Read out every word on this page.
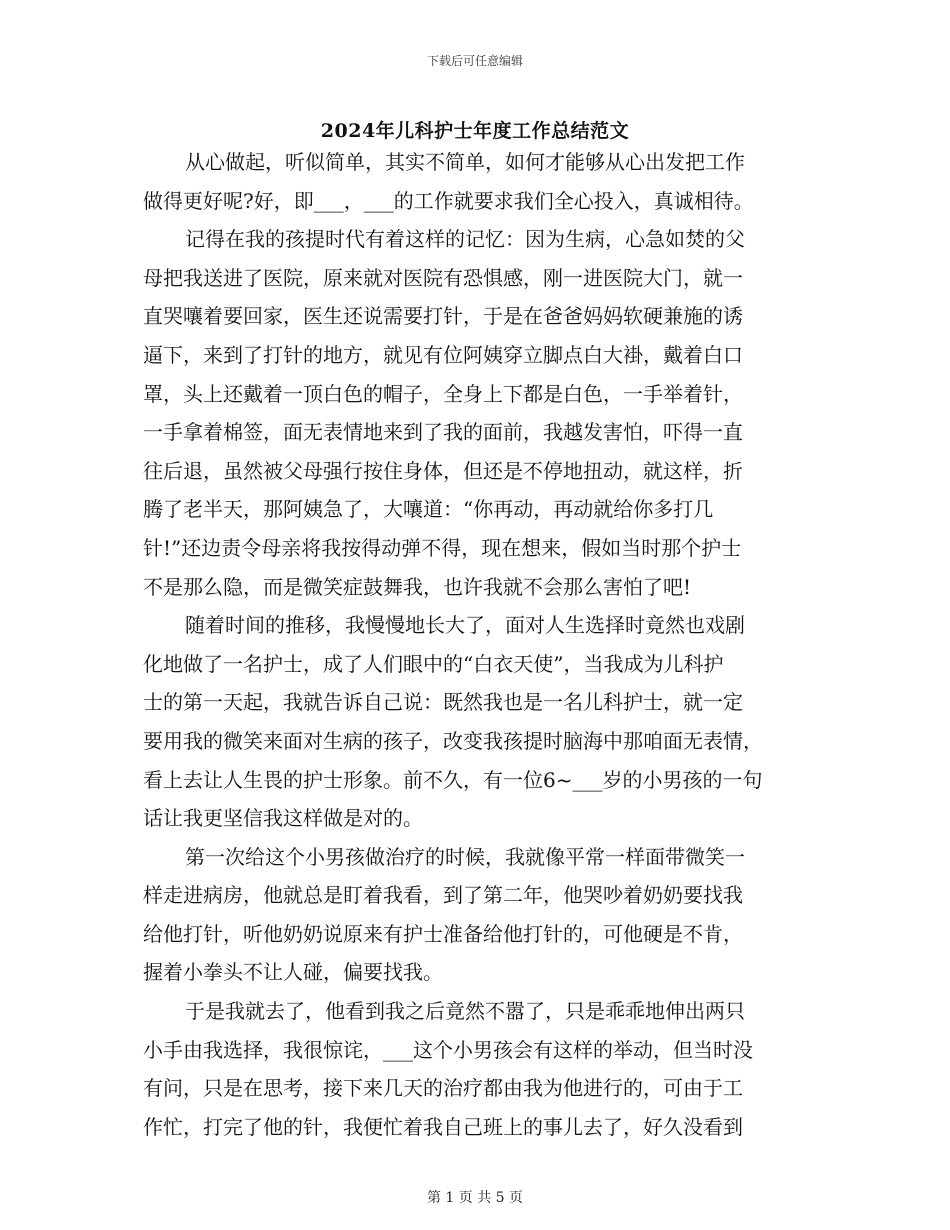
下载后可任意编辑
2024年儿科护士年度工作总结范文
从心做起，听似简单，其实不简单，如何才能够从心出发把工作
做得更好呢?好，即___，___的工作就要求我们全心投入，真诚相待。
记得在我的孩提时代有着这样的记忆：因为生病，心急如焚的父
母把我送进了医院，原来就对医院有恐惧感，刚一进医院大门，就一
直哭嚷着要回家，医生还说需要打针，于是在爸爸妈妈软硬兼施的诱
逼下，来到了打针的地方，就见有位阿姨穿立脚点白大褂，戴着白口
罩，头上还戴着一顶白色的帽子，全身上下都是白色，一手举着针，
一手拿着棉签，面无表情地来到了我的面前，我越发害怕，吓得一直
往后退，虽然被父母强行按住身体，但还是不停地扭动，就这样，折
腾了老半天，那阿姨急了，大嚷道：“你再动，再动就给你多打几
针!”还边责令母亲将我按得动弹不得，现在想来，假如当时那个护士
不是那么隐，而是微笑症鼓舞我，也许我就不会那么害怕了吧!
随着时间的推移，我慢慢地长大了，面对人生选择时竟然也戏剧
化地做了一名护士，成了人们眼中的“白衣天使”，当我成为儿科护
士的第一天起，我就告诉自己说：既然我也是一名儿科护士，就一定
要用我的微笑来面对生病的孩子，改变我孩提时脑海中那咱面无表情，
看上去让人生畏的护士形象。前不久，有一位6~___岁的小男孩的一句
话让我更坚信我这样做是对的。
第一次给这个小男孩做治疗的时候，我就像平常一样面带微笑一
样走进病房，他就总是盯着我看，到了第二年，他哭吵着奶奶要找我
给他打针，听他奶奶说原来有护士准备给他打针的，可他硬是不肯，
握着小拳头不让人碰，偏要找我。
于是我就去了，他看到我之后竟然不嚣了，只是乖乖地伸出两只
小手由我选择，我很惊诧，___这个小男孩会有这样的举动，但当时没
有问，只是在思考，接下来几天的治疗都由我为他进行的，可由于工
作忙，打完了他的针，我便忙着我自己班上的事儿去了，好久没看到
第 1 页 共 5 页
